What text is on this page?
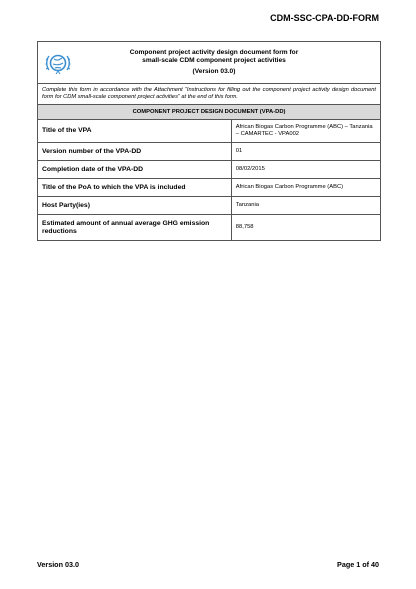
CDM-SSC-CPA-DD-FORM
Component project activity design document form for
small-scale CDM component project activities
(Version 03.0)	

Complete this form in accordance with the Attachment “Instructions for filling out the component project activity design document form for CDM small-scale component project activities” at the end of this form.	
COMPONENT PROJECT DESIGN DOCUMENT (VPA-DD)	
Title of the VPA	African Biogas Carbon Programme (ABC) – Tanzania – CAMARTEC - VPA002
Version number of the VPA-DD	01
Completion date of the VPA-DD	08/02/2015
Title of the PoA to which the VPA is included	African Biogas Carbon Programme (ABC)
Host Party(ies)	Tanzania
Estimated amount of annual average GHG emission reductions	88,758
Version 03.0	Page 1 of 40
